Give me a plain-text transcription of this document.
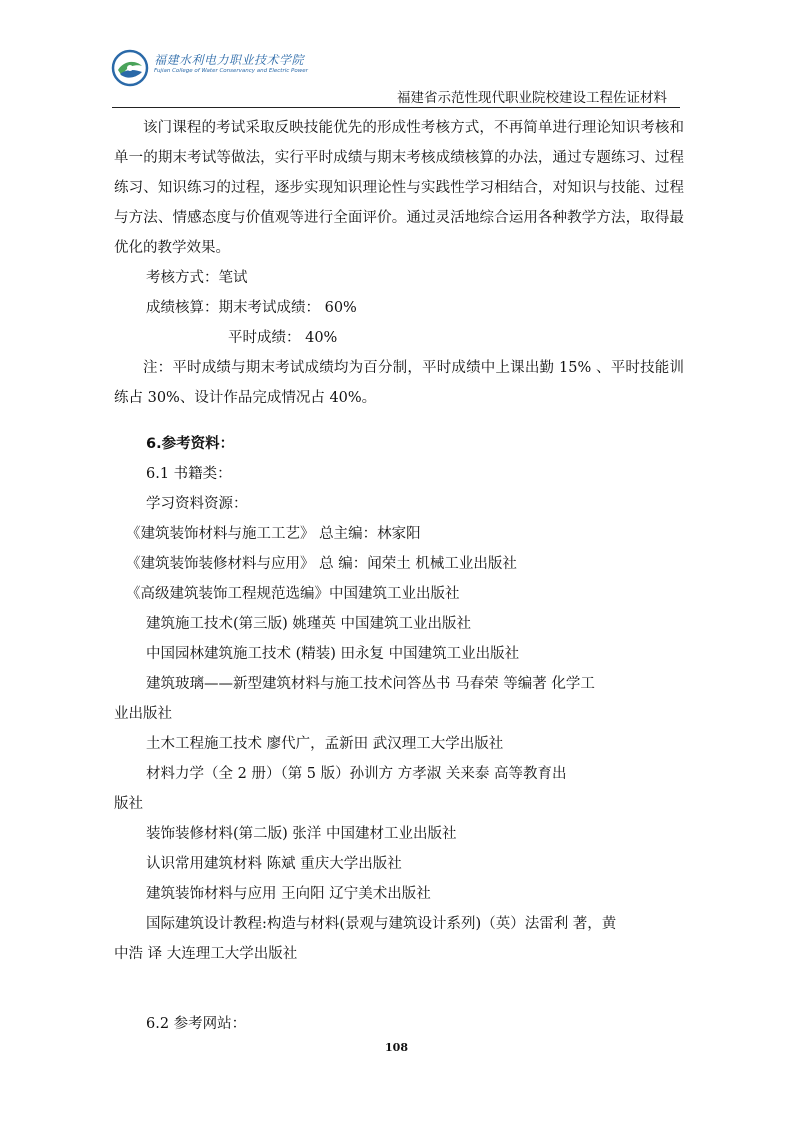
福建水利电力职业技术学院
Fujian College of Water Conservancy and Electric Power
福建省示范性现代职业院校建设工程佐证材料

该门课程的考试采取反映技能优先的形成性考核方式，不再简单进行理论知识考核和单一的期末考试等做法，实行平时成绩与期末考核成绩核算的办法，通过专题练习、过程练习、知识练习的过程，逐步实现知识理论性与实践性学习相结合，对知识与技能、过程与方法、情感态度与价值观等进行全面评价。通过灵活地综合运用各种教学方法，取得最优化的教学效果。

考核方式：笔试

成绩核算：期末考试成绩： 60%

平时成绩： 40%

注：平时成绩与期末考试成绩均为百分制，平时成绩中上课出勤 15% 、平时技能训练占 30%、设计作品完成情况占 40%。

6.参考资料：

6.1 书籍类：

学习资料资源：

《建筑装饰材料与施工工艺》 总主编：林家阳

《建筑装饰装修材料与应用》 总 编：闻荣土 机械工业出版社

《高级建筑装饰工程规范选编》中国建筑工业出版社

建筑施工技术(第三版) 姚瑾英 中国建筑工业出版社

中国园林建筑施工技术 (精装) 田永复 中国建筑工业出版社

建筑玻璃——新型建筑材料与施工技术问答丛书 马春荣 等编著 化学工

业出版社

土木工程施工技术 廖代广，孟新田 武汉理工大学出版社

材料力学（全 2 册）（第 5 版）孙训方 方孝淑 关来泰 高等教育出

版社

装饰装修材料(第二版) 张洋 中国建材工业出版社

认识常用建筑材料 陈斌 重庆大学出版社

建筑装饰材料与应用 王向阳 辽宁美术出版社

国际建筑设计教程:构造与材料(景观与建筑设计系列)（英）法雷利 著，黄

中浩 译 大连理工大学出版社

6.2 参考网站：

108
